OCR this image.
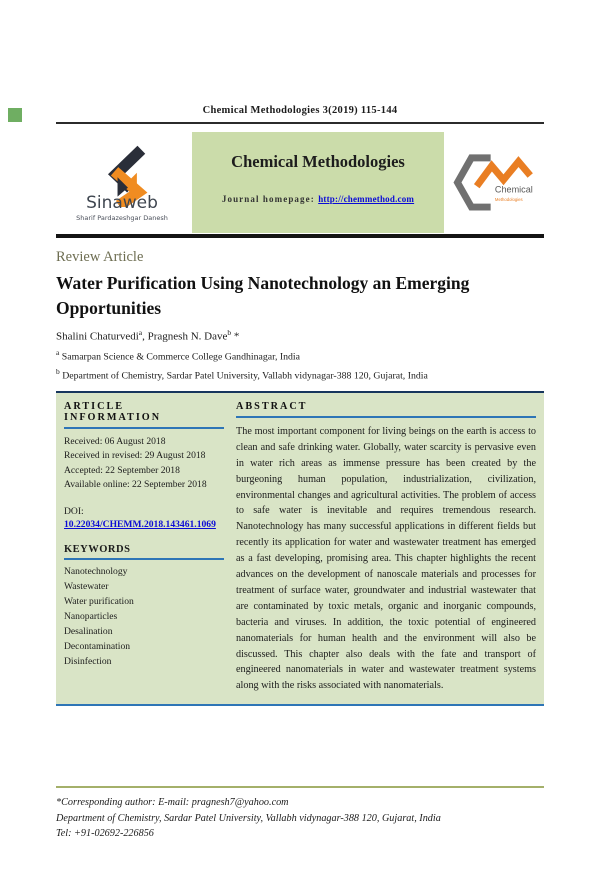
Chemical Methodologies 3(2019) 115-144
Sinaweb
Sharif Pardazeshgar Danesh
Chemical Methodologies
Journal homepage: http://chemmethod.com
Chemical
Methodologies
Review Article
Water Purification Using Nanotechnology an Emerging Opportunities
Shalini Chaturvedi$^a$, Pragnesh N. Dave$^b$ *
$^a$ Samarpan Science & Commerce College Gandhinagar, India
$^b$ Department of Chemistry, Sardar Patel University, Vallabh vidynagar-388 120, Gujarat, India
ARTICLE INFORMATION
Received: 06 August 2018
Received in revised: 29 August 2018
Accepted: 22 September 2018
Available online: 22 September 2018
DOI:
10.22034/CHEMM.2018.143461.1069
KEYWORDS
Nanotechnology
Wastewater
Water purification
Nanoparticles
Desalination
Decontamination
Disinfection
ABSTRACT
The most important component for living beings on the earth is access to clean and safe drinking water. Globally, water scarcity is pervasive even in water rich areas as immense pressure has been created by the burgeoning human population, industrialization, civilization, environmental changes and agricultural activities. The problem of access to safe water is inevitable and requires tremendous research. Nanotechnology has many successful applications in different fields but recently its application for water and wastewater treatment has emerged as a fast developing, promising area. This chapter highlights the recent advances on the development of nanoscale materials and processes for treatment of surface water, groundwater and industrial wastewater that are contaminated by toxic metals, organic and inorganic compounds, bacteria and viruses. In addition, the toxic potential of engineered nanomaterials for human health and the environment will also be discussed. This chapter also deals with the fate and transport of engineered nanomaterials in water and wastewater treatment systems along with the risks associated with nanomaterials.
*Corresponding author: E-mail: pragnesh7@yahoo.com
Department of Chemistry, Sardar Patel University, Vallabh vidynagar-388 120, Gujarat, India
Tel: +91-02692-226856
